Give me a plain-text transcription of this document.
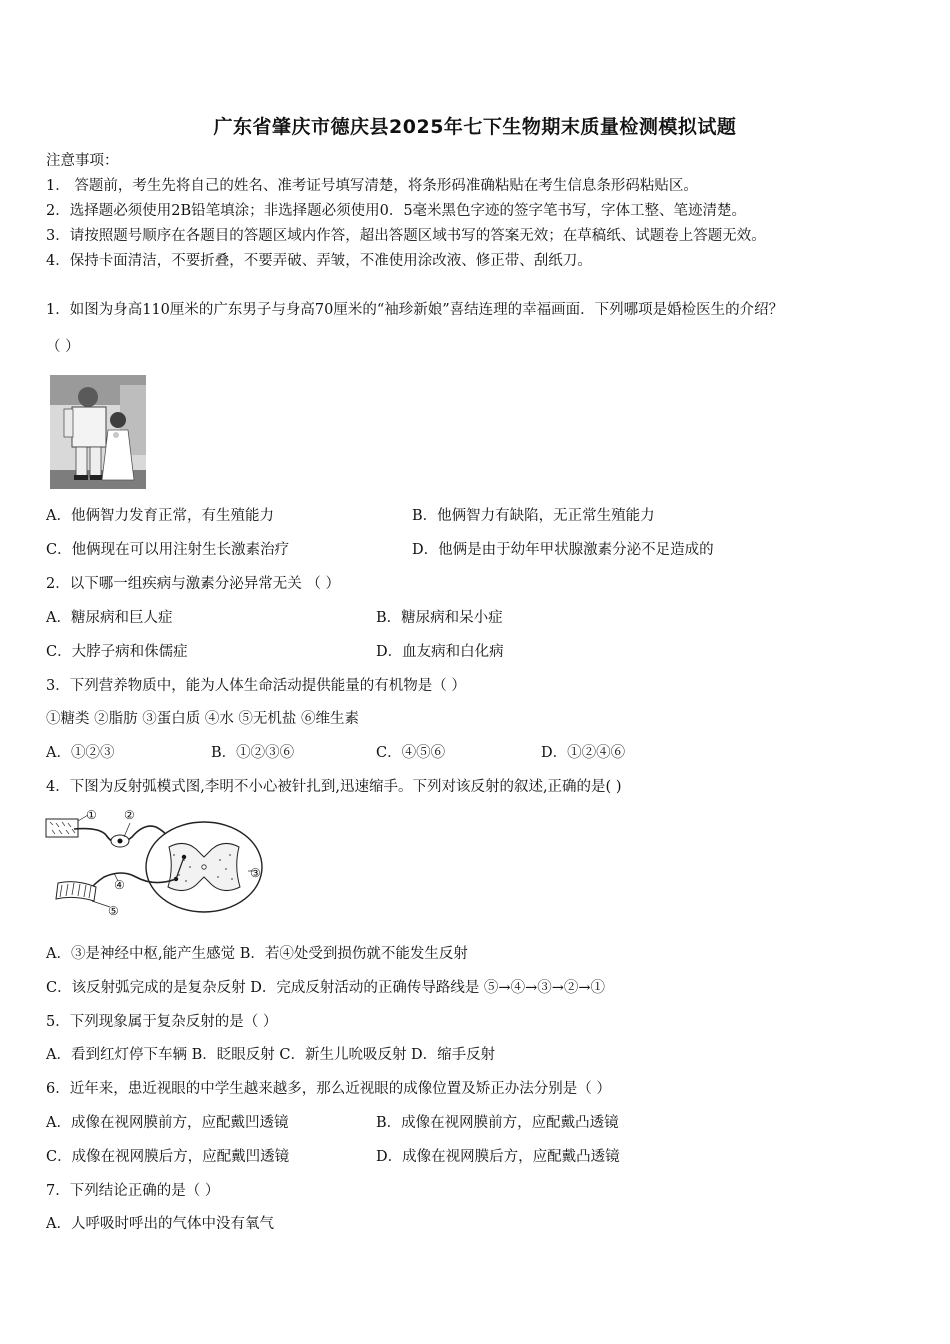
广东省肇庆市德庆县2025年七下生物期末质量检测模拟试题
注意事项：
1． 答题前，考生先将自己的姓名、准考证号填写清楚，将条形码准确粘贴在考生信息条形码粘贴区。
2．选择题必须使用2B铅笔填涂；非选择题必须使用0．5毫米黑色字迹的签字笔书写，字体工整、笔迹清楚。
3．请按照题号顺序在各题目的答题区域内作答，超出答题区域书写的答案无效；在草稿纸、试题卷上答题无效。
4．保持卡面清洁，不要折叠，不要弄破、弄皱，不准使用涂改液、修正带、刮纸刀。
1．如图为身高110厘米的广东男子与身高70厘米的“袖珍新娘”喜结连理的幸福画面．下列哪项是婚检医生的介绍？
（ ）
A．他俩智力发育正常，有生殖能力	B．他俩智力有缺陷，无正常生殖能力
C．他俩现在可以用注射生长激素治疗	D．他俩是由于幼年甲状腺激素分泌不足造成的
2．以下哪一组疾病与激素分泌异常无关 （ ）
A．糖尿病和巨人症	B．糖尿病和呆小症
C．大脖子病和侏儒症	D．血友病和白化病
3．下列营养物质中，能为人体生命活动提供能量的有机物是（ ）
①糖类 ②脂肪 ③蛋白质 ④水 ⑤无机盐 ⑥维生素
A．①②③	B．①②③⑥	C．④⑤⑥	D．①②④⑥
4．下图为反射弧模式图,李明不小心被针扎到,迅速缩手。下列对该反射的叙述,正确的是( )
① ②
③
④
⑤
A．③是神经中枢,能产生感觉 B．若④处受到损伤就不能发生反射
C．该反射弧完成的是复杂反射 D．完成反射活动的正确传导路线是 ⑤→④→③→②→①
5．下列现象属于复杂反射的是（ ）
A．看到红灯停下车辆 B．眨眼反射 C．新生儿吮吸反射 D．缩手反射
6．近年来，患近视眼的中学生越来越多，那么近视眼的成像位置及矫正办法分别是（ ）
A．成像在视网膜前方，应配戴凹透镜	B．成像在视网膜前方，应配戴凸透镜
C．成像在视网膜后方，应配戴凹透镜	D．成像在视网膜后方，应配戴凸透镜
7．下列结论正确的是（ ）
A．人呼吸时呼出的气体中没有氧气
